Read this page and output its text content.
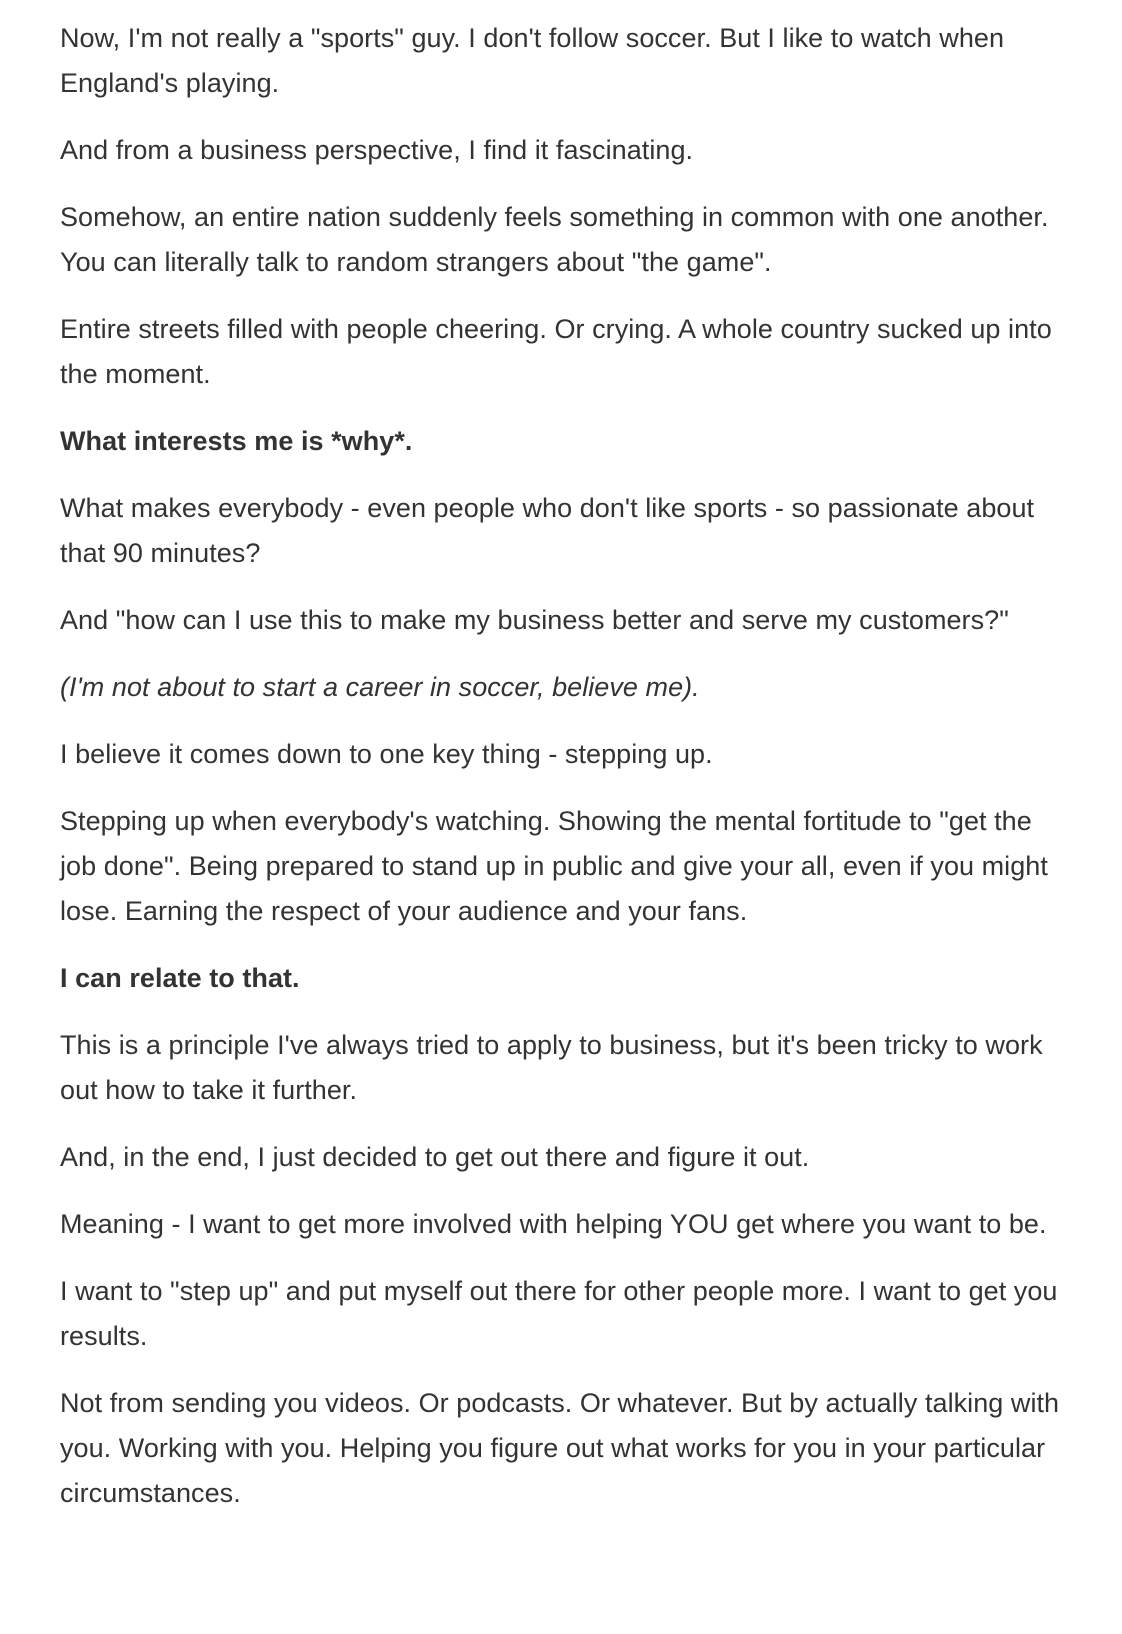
Now, I'm not really a "sports" guy. I don't follow soccer. But I like to watch when England's playing.

And from a business perspective, I find it fascinating.

Somehow, an entire nation suddenly feels something in common with one another. You can literally talk to random strangers about "the game".

Entire streets filled with people cheering. Or crying. A whole country sucked up into the moment.

What interests me is *why*.

What makes everybody - even people who don't like sports - so passionate about that 90 minutes?

And "how can I use this to make my business better and serve my customers?"

(I'm not about to start a career in soccer, believe me).

I believe it comes down to one key thing - stepping up.

Stepping up when everybody's watching. Showing the mental fortitude to "get the job done". Being prepared to stand up in public and give your all, even if you might lose. Earning the respect of your audience and your fans.

I can relate to that.

This is a principle I've always tried to apply to business, but it's been tricky to work out how to take it further.

And, in the end, I just decided to get out there and figure it out.

Meaning - I want to get more involved with helping YOU get where you want to be.

I want to "step up" and put myself out there for other people more. I want to get you results.

Not from sending you videos. Or podcasts. Or whatever. But by actually talking with you. Working with you. Helping you figure out what works for you in your particular circumstances.
